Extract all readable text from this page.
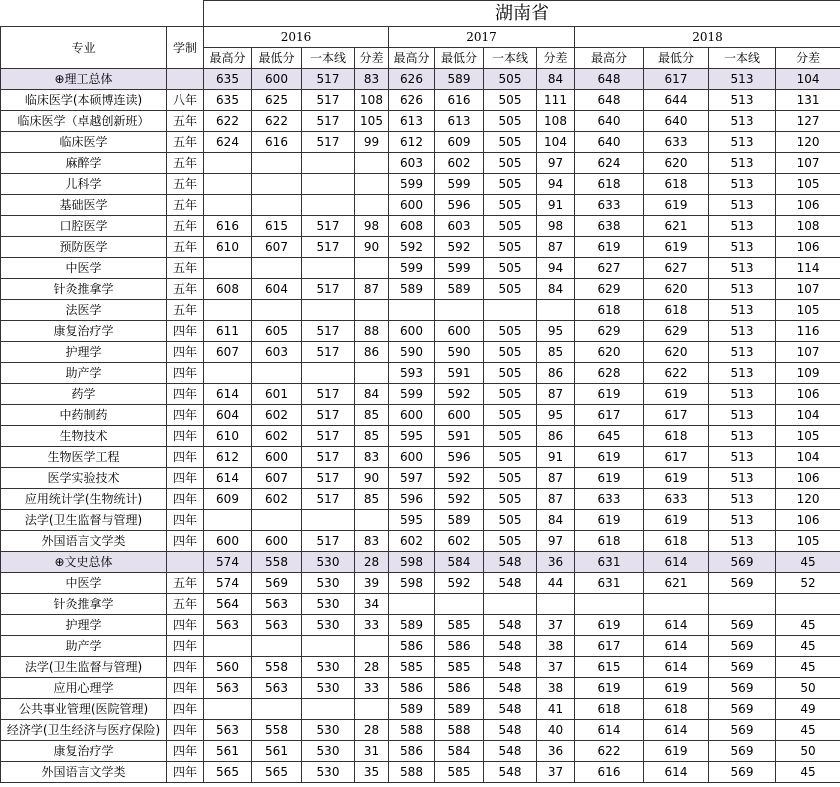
		湖南省											
专业	学制	2016				2017				2018			
		最高分	最低分	一本线	分差	最高分	最低分	一本线	分差	最高分	最低分	一本线	分差
⊕理工总体		635	600	517	83	626	589	505	84	648	617	513	104
临床医学(本硕博连读)	八年	635	625	517	108	626	616	505	111	648	644	513	131
临床医学（卓越创新班）	五年	622	622	517	105	613	613	505	108	640	640	513	127
临床医学	五年	624	616	517	99	612	609	505	104	640	633	513	120
麻醉学	五年					603	602	505	97	624	620	513	107
儿科学	五年					599	599	505	94	618	618	513	105
基础医学	五年					600	596	505	91	633	619	513	106
口腔医学	五年	616	615	517	98	608	603	505	98	638	621	513	108
预防医学	五年	610	607	517	90	592	592	505	87	619	619	513	106
中医学	五年					599	599	505	94	627	627	513	114
针灸推拿学	五年	608	604	517	87	589	589	505	84	629	620	513	107
法医学	五年									618	618	513	105
康复治疗学	四年	611	605	517	88	600	600	505	95	629	629	513	116
护理学	四年	607	603	517	86	590	590	505	85	620	620	513	107
助产学	四年					593	591	505	86	628	622	513	109
药学	四年	614	601	517	84	599	592	505	87	619	619	513	106
中药制药	四年	604	602	517	85	600	600	505	95	617	617	513	104
生物技术	四年	610	602	517	85	595	591	505	86	645	618	513	105
生物医学工程	四年	612	600	517	83	600	596	505	91	619	617	513	104
医学实验技术	四年	614	607	517	90	597	592	505	87	619	619	513	106
应用统计学(生物统计)	四年	609	602	517	85	596	592	505	87	633	633	513	120
法学(卫生监督与管理)	四年					595	589	505	84	619	619	513	106
外国语言文学类	四年	600	600	517	83	602	602	505	97	618	618	513	105
⊕文史总体		574	558	530	28	598	584	548	36	631	614	569	45
中医学	五年	574	569	530	39	598	592	548	44	631	621	569	52
针灸推拿学	五年	564	563	530	34								
护理学	四年	563	563	530	33	589	585	548	37	619	614	569	45
助产学	四年					586	586	548	38	617	614	569	45
法学(卫生监督与管理)	四年	560	558	530	28	585	585	548	37	615	614	569	45
应用心理学	四年	563	563	530	33	586	586	548	38	619	619	569	50
公共事业管理(医院管理)	四年					589	589	548	41	618	618	569	49
经济学(卫生经济与医疗保险)	四年	563	558	530	28	588	588	548	40	614	614	569	45
康复治疗学	四年	561	561	530	31	586	584	548	36	622	619	569	50
外国语言文学类	四年	565	565	530	35	588	585	548	37	616	614	569	45
